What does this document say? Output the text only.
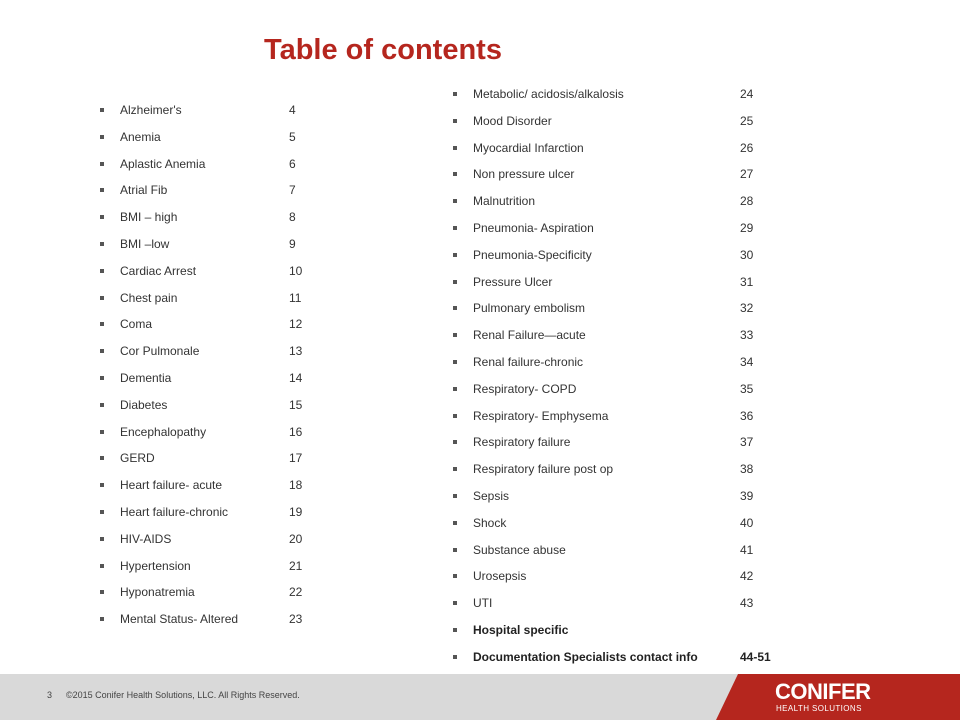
Table of contents
Alzheimer's	4
Anemia	5
Aplastic Anemia	6
Atrial Fib	7
BMI – high	8
BMI –low	9
Cardiac Arrest	10
Chest pain	11
Coma	12
Cor Pulmonale	13
Dementia	14
Diabetes	15
Encephalopathy	16
GERD	17
Heart failure- acute	18
Heart failure-chronic	19
HIV-AIDS	20
Hypertension	21
Hyponatremia	22
Mental Status- Altered	23
Metabolic/ acidosis/alkalosis	24
Mood Disorder	25
Myocardial Infarction	26
Non pressure ulcer	27
Malnutrition	28
Pneumonia- Aspiration	29
Pneumonia-Specificity	30
Pressure Ulcer	31
Pulmonary embolism	32
Renal Failure—acute	33
Renal failure-chronic	34
Respiratory- COPD	35
Respiratory- Emphysema	36
Respiratory failure	37
Respiratory failure post op	38
Sepsis	39
Shock	40
Substance abuse	41
Urosepsis	42
UTI	43
Hospital specific
Documentation Specialists contact info	44-51
3 ©2015 Conifer Health Solutions, LLC. All Rights Reserved.	CONIFER
HEALTH SOLUTIONS
